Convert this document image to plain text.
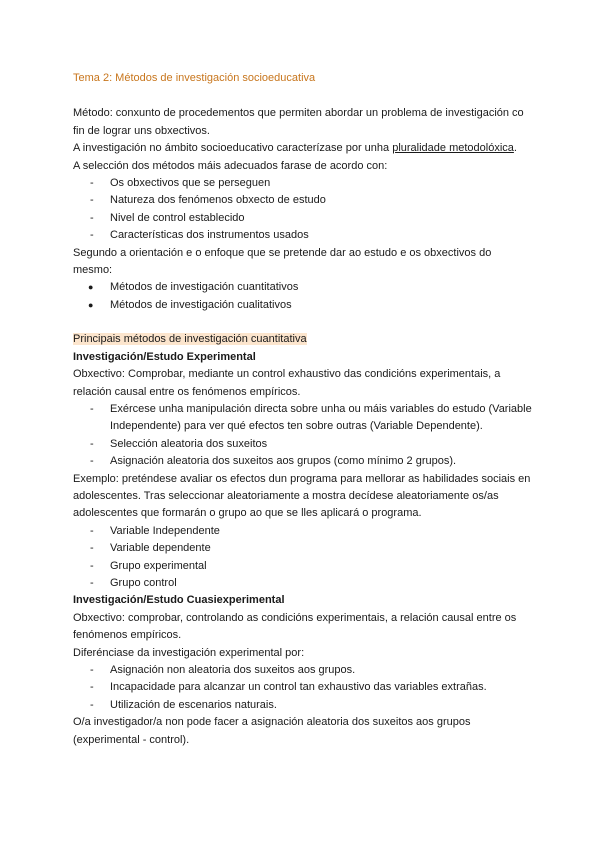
Tema 2: Métodos de investigación socioeducativa

Método: conxunto de procedementos que permiten abordar un problema de investigación co fin de lograr uns obxectivos.

A investigación no ámbito socioeducativo caracterízase por unha pluralidade metodolóxica.

A selección dos métodos máis adecuados farase de acordo con:

- Os obxectivos que se perseguen
- Natureza dos fenómenos obxecto de estudo
- Nivel de control establecido
- Características dos instrumentos usados

Segundo a orientación e o enfoque que se pretende dar ao estudo e os obxectivos do mesmo:

● Métodos de investigación cuantitativos
● Métodos de investigación cualitativos

Principais métodos de investigación cuantitativa

Investigación/Estudo Experimental

Obxectivo: Comprobar, mediante un control exhaustivo das condicións experimentais, a relación causal entre os fenómenos empíricos.

- Exércese unha manipulación directa sobre unha ou máis variables do estudo (Variable Independente) para ver qué efectos ten sobre outras (Variable Dependente).
- Selección aleatoria dos suxeitos
- Asignación aleatoria dos suxeitos aos grupos (como mínimo 2 grupos).

Exemplo: preténdese avaliar os efectos dun programa para mellorar as habilidades sociais en adolescentes. Tras seleccionar aleatoriamente a mostra decídese aleatoriamente os/as adolescentes que formarán o grupo ao que se lles aplicará o programa.

- Variable Independente
- Variable dependente
- Grupo experimental
- Grupo control

Investigación/Estudo Cuasiexperimental

Obxectivo: comprobar, controlando as condicións experimentais, a relación causal entre os fenómenos empíricos.

Diferénciase da investigación experimental por:

- Asignación non aleatoria dos suxeitos aos grupos.
- Incapacidade para alcanzar un control tan exhaustivo das variables extrañas.
- Utilización de escenarios naturais.

O/a investigador/a non pode facer a asignación aleatoria dos suxeitos aos grupos (experimental - control).
